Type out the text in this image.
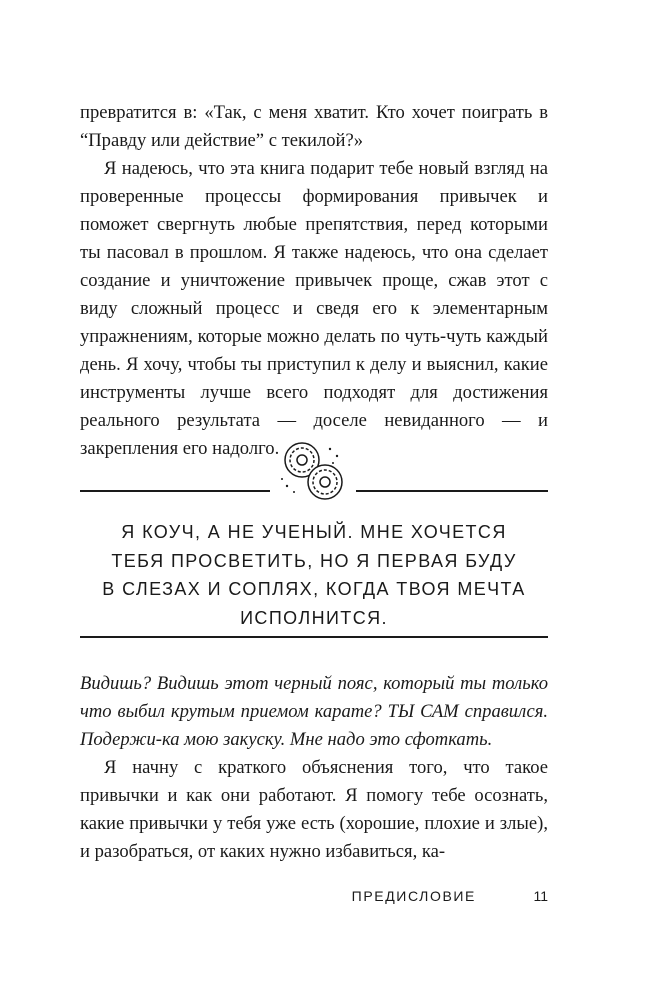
превратится в: «Так, с меня хватит. Кто хочет поиграть в “Правду или действие” с текилой?»

Я надеюсь, что эта книга подарит тебе новый взгляд на проверенные процессы формирования привычек и поможет свергнуть любые препятствия, перед которыми ты пасовал в прошлом. Я также надеюсь, что она сделает создание и уничтожение привычек проще, сжав этот с виду сложный процесс и сведя его к элементарным упражнениям, которые можно делать по чуть-чуть каждый день. Я хочу, чтобы ты приступил к делу и выяснил, какие инструменты лучше всего подходят для достижения реального результата — доселе невиданного — и закрепления его надолго.

Я КОУЧ, А НЕ УЧЕНЫЙ. МНЕ ХОЧЕТСЯ
ТЕБЯ ПРОСВЕТИТЬ, НО Я ПЕРВАЯ БУДУ
В СЛЕЗАХ И СОПЛЯХ, КОГДА ТВОЯ МЕЧТА
ИСПОЛНИТСЯ.

Видишь? Видишь этот черный пояс, который ты только что выбил крутым приемом карате? ТЫ САМ справился. Подержи-ка мою закуску. Мне надо это сфоткать.

Я начну с краткого объяснения того, что такое привычки и как они работают. Я помогу тебе осознать, какие привычки у тебя уже есть (хорошие, плохие и злые), и разобраться, от каких нужно избавиться, ка-

ПРЕДИСЛОВИЕ	11
